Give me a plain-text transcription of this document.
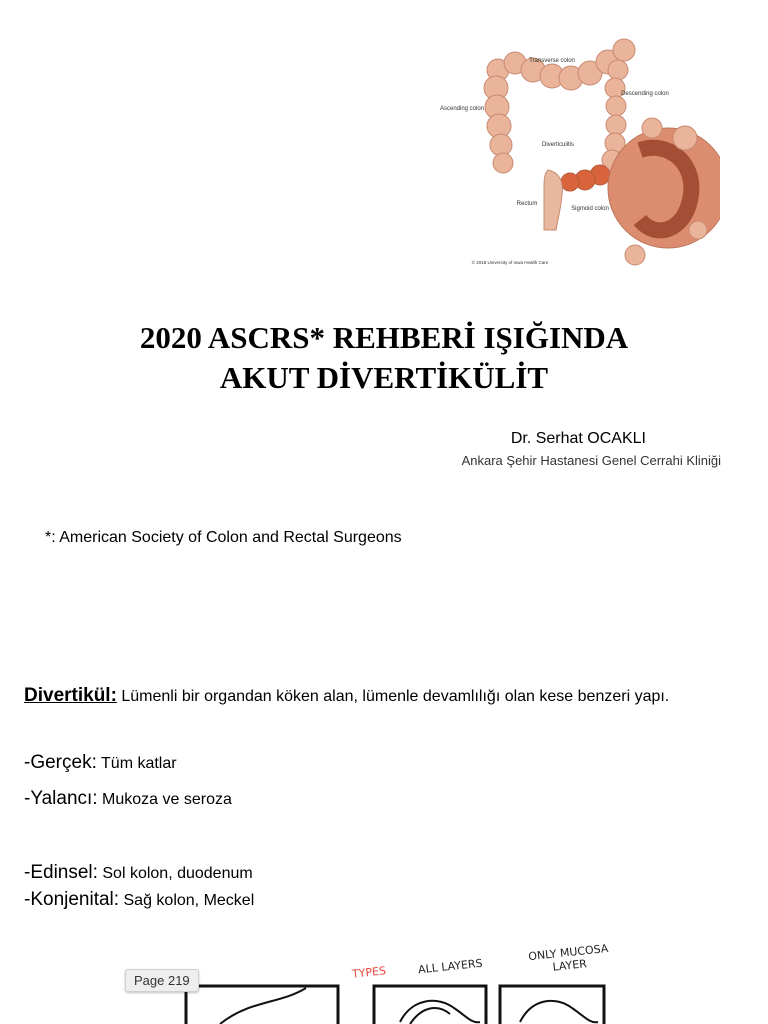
Transverse colon
Descending colon
Ascending colon
Diverticulitis
Rectum
Sigmoid colon
© 2018 University of Iowa Health Care
2020 ASCRS* REHBERİ IŞIĞINDA
AKUT DİVERTİKÜLİT
Dr. Serhat OCAKLI
Ankara Şehir Hastanesi Genel Cerrahi Kliniği
*: American Society of Colon and Rectal Surgeons
Divertikül: Lümenli bir organdan köken alan, lümenle devamlılığı olan kese benzeri yapı.
-Gerçek: Tüm katlar
-Yalancı: Mukoza ve seroza
-Edinsel: Sol kolon, duodenum
-Konjenital: Sağ kolon, Meckel
Page 219	TYPES	ALL LAYERS
ONLY MUCOSA LAYER
